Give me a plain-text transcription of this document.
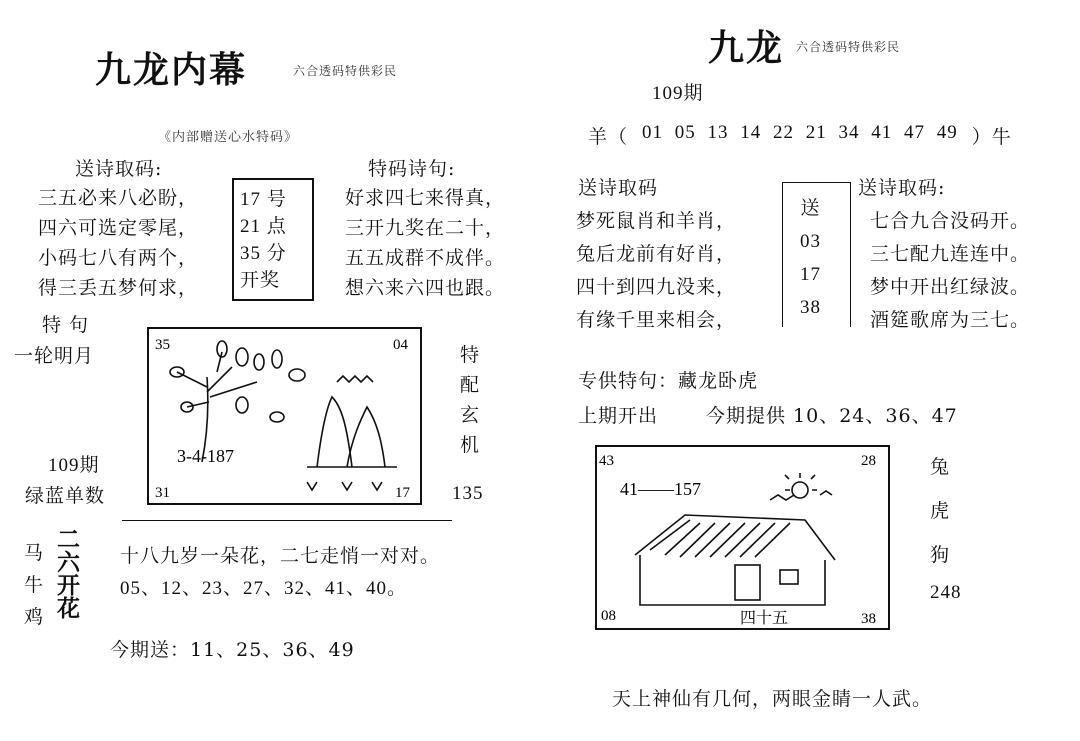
九龙内幕	六合透码特供彩民
《内部赠送心水特码》
送诗取码:
三五必来八必盼，
四六可选定零尾，
小码七八有两个，
得三丢五梦何求，
17 号
21 点
35 分
开奖
特码诗句:
好求四七来得真，
三开九奖在二十，
五五成群不成伴。
想六来六四也跟。
特 句
一轮明月	35	04
31
3-4-187
17
特
配
玄
机
109期
绿蓝单数	135
马
牛
鸡
二
六
开
花
十八九岁一朵花，二七走悄一对对。
05、12、23、27、32、41、40。
今期送：11、25、36、49
九龙 六合透码特供彩民
109期
羊（ 01 05 13 14 22 21 34 41 47 49 ）牛
送诗取码
梦死鼠肖和羊肖，
兔后龙前有好肖，
四十到四九没来，
有缘千里来相会，
送
03
17
38
送诗取码:
七合九合没码开。
三七配九连连中。
梦中开出红绿波。
酒筵歌席为三七。
专供特句：藏龙卧虎
上期开出	今期提供 10、24、36、47
43	28
41——157
四十五
08	38
兔
虎
狗
248
天上神仙有几何，两眼金睛一人武。
